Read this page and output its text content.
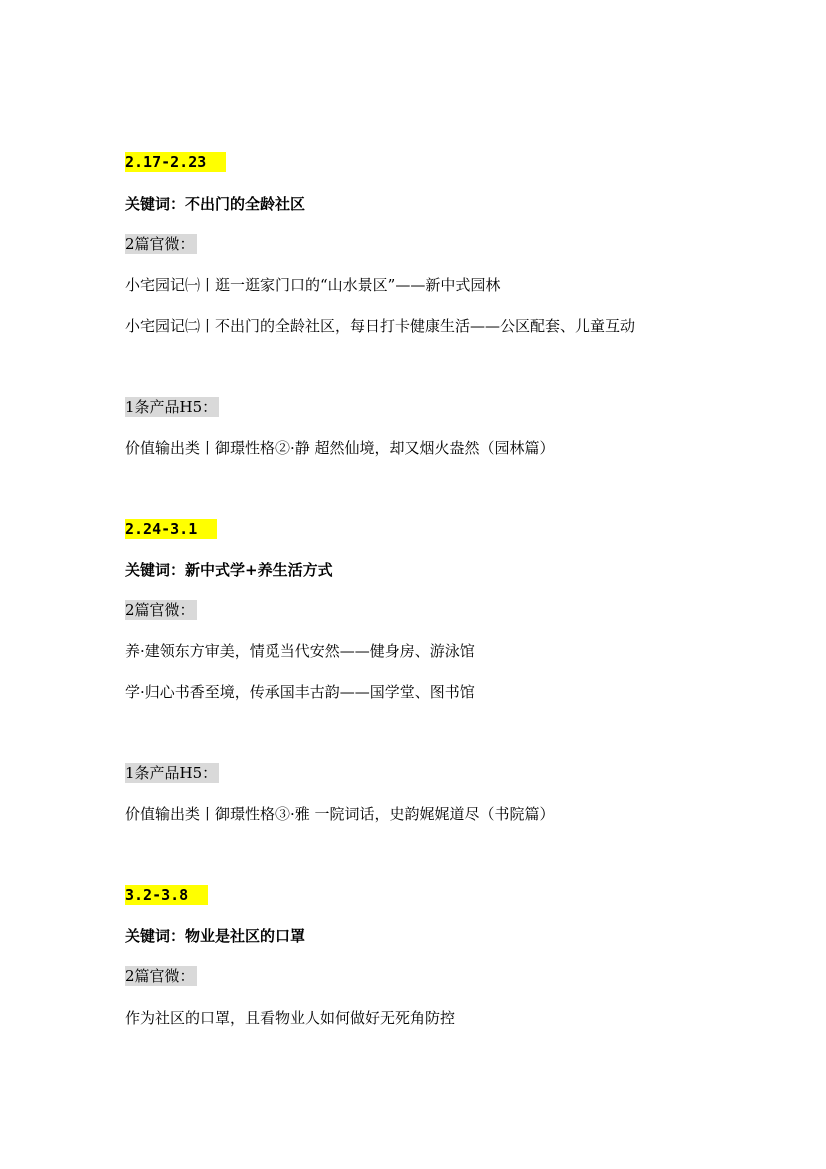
2.17-2.23
关键词：不出门的全龄社区
2篇官微：
小宅园记㈠丨逛一逛家门口的“山水景区”——新中式园林
小宅园记㈡丨不出门的全龄社区，每日打卡健康生活——公区配套、儿童互动
1条产品H5：
价值输出类丨御璟性格②·静 超然仙境，却又烟火盎然（园林篇）
2.24-3.1
关键词：新中式学+养生活方式
2篇官微：
养·建领东方审美，情觅当代安然——健身房、游泳馆
学·归心书香至境，传承国丰古韵——国学堂、图书馆
1条产品H5：
价值输出类丨御璟性格③·雅 一院词话，史韵娓娓道尽（书院篇）
3.2-3.8
关键词：物业是社区的口罩
2篇官微：
作为社区的口罩，且看物业人如何做好无死角防控
